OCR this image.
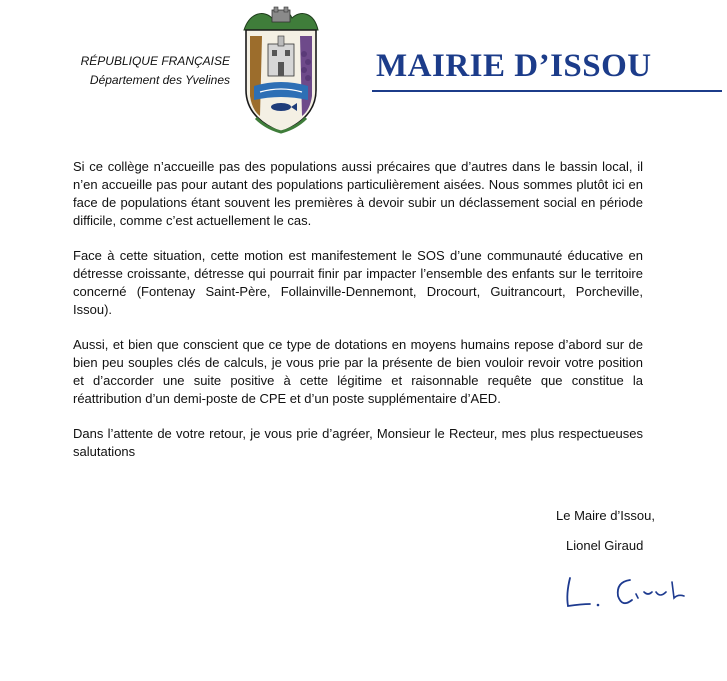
RÉPUBLIQUE FRANÇAISE
Département des Yvelines	MAIRIE D’ISSOU

Si ce collège n’accueille pas des populations aussi précaires que d’autres dans le bassin local, il n’en accueille pas pour autant des populations particulièrement aisées. Nous sommes plutôt ici en face de populations étant souvent les premières à devoir subir un déclassement social en période difficile, comme c’est actuellement le cas.

Face à cette situation, cette motion est manifestement le SOS d’une communauté éducative en détresse croissante, détresse qui pourrait finir par impacter l’ensemble des enfants sur le territoire concerné (Fontenay Saint-Père, Follainville-Dennemont, Drocourt, Guitrancourt, Porcheville, Issou).

Aussi, et bien que conscient que ce type de dotations en moyens humains repose d’abord sur de bien peu souples clés de calculs, je vous prie par la présente de bien vouloir revoir votre position et d’accorder une suite positive à cette légitime et raisonnable requête que constitue la réattribution d’un demi-poste de CPE et d’un poste supplémentaire d’AED.

Dans l’attente de votre retour, je vous prie d’agréer, Monsieur le Recteur, mes plus respectueuses salutations

Le Maire d’Issou,
Lionel Giraud
